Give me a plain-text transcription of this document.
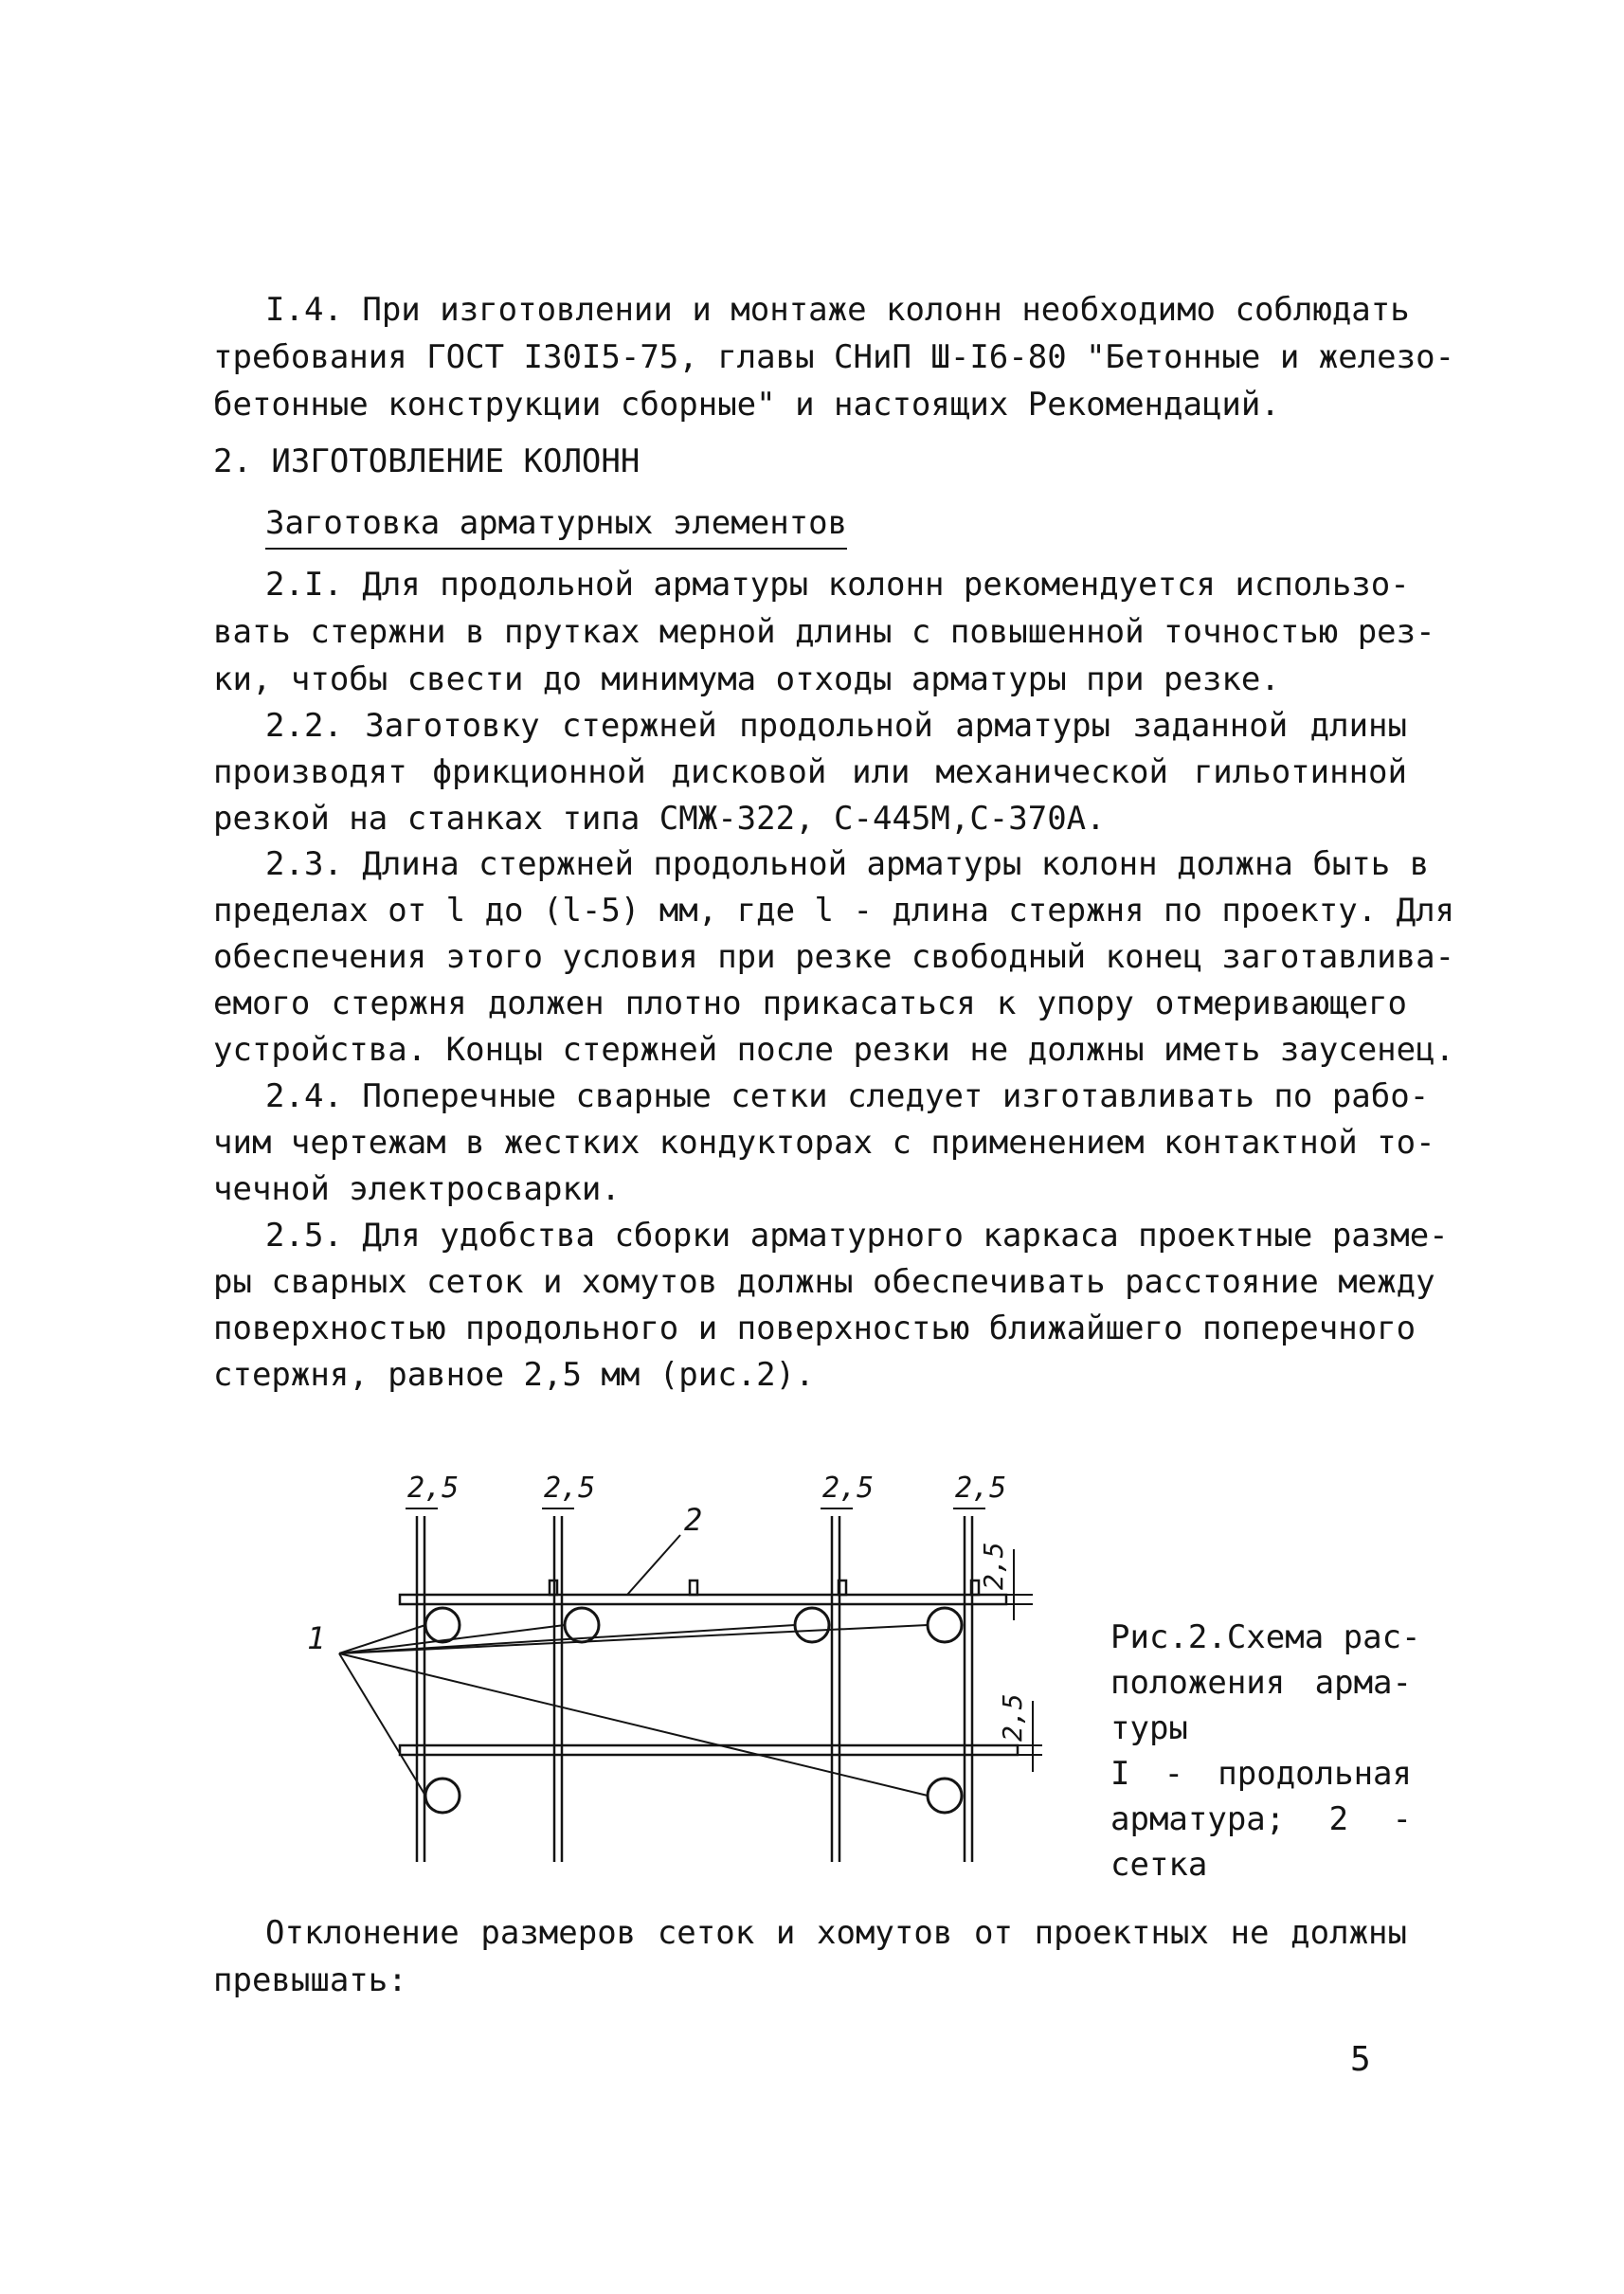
I.4. При изготовлении и монтаже колонн необходимо соблюдать
требования ГОСТ I30I5-75, главы СНиП Ш-I6-80 "Бетонные и железо-
бетонные конструкции сборные" и настоящих Рекомендаций.
2. ИЗГОТОВЛЕНИЕ КОЛОНН
Заготовка арматурных элементов
2.I. Для продольной арматуры колонн рекомендуется использо-
вать стержни в прутках мерной длины с повышенной точностью рез-
ки, чтобы свести до минимума отходы арматуры при резке.
2.2. Заготовку стержней продольной арматуры заданной длины
производят фрикционной дисковой или механической гильотинной
резкой на станках типа СМЖ-322, С-445М,С-370А.
2.3. Длина стержней продольной арматуры колонн должна быть в
пределах от l до (l-5) мм, где l - длина стержня по проекту. Для
обеспечения этого условия при резке свободный конец заготавлива-
емого стержня должен плотно прикасаться к упору отмеривающего
устройства. Концы стержней после резки не должны иметь заусенец.
2.4. Поперечные сварные сетки следует изготавливать по рабо-
чим чертежам в жестких кондукторах с применением контактной то-
чечной электросварки.
2.5. Для удобства сборки арматурного каркаса проектные разме-
ры сварных сеток и хомутов должны обеспечивать расстояние между
поверхностью продольного и поверхностью ближайшего поперечного
стержня, равное 2,5 мм (рис.2).
2,5	2,5	2,5	2,5
2,5
2,5
1
2
Рис.2.Схема рас-
положения арма-
туры
I - продольная
арматура; 2 -
сетка
Отклонение размеров сеток и хомутов от проектных не должны
превышать:
5
